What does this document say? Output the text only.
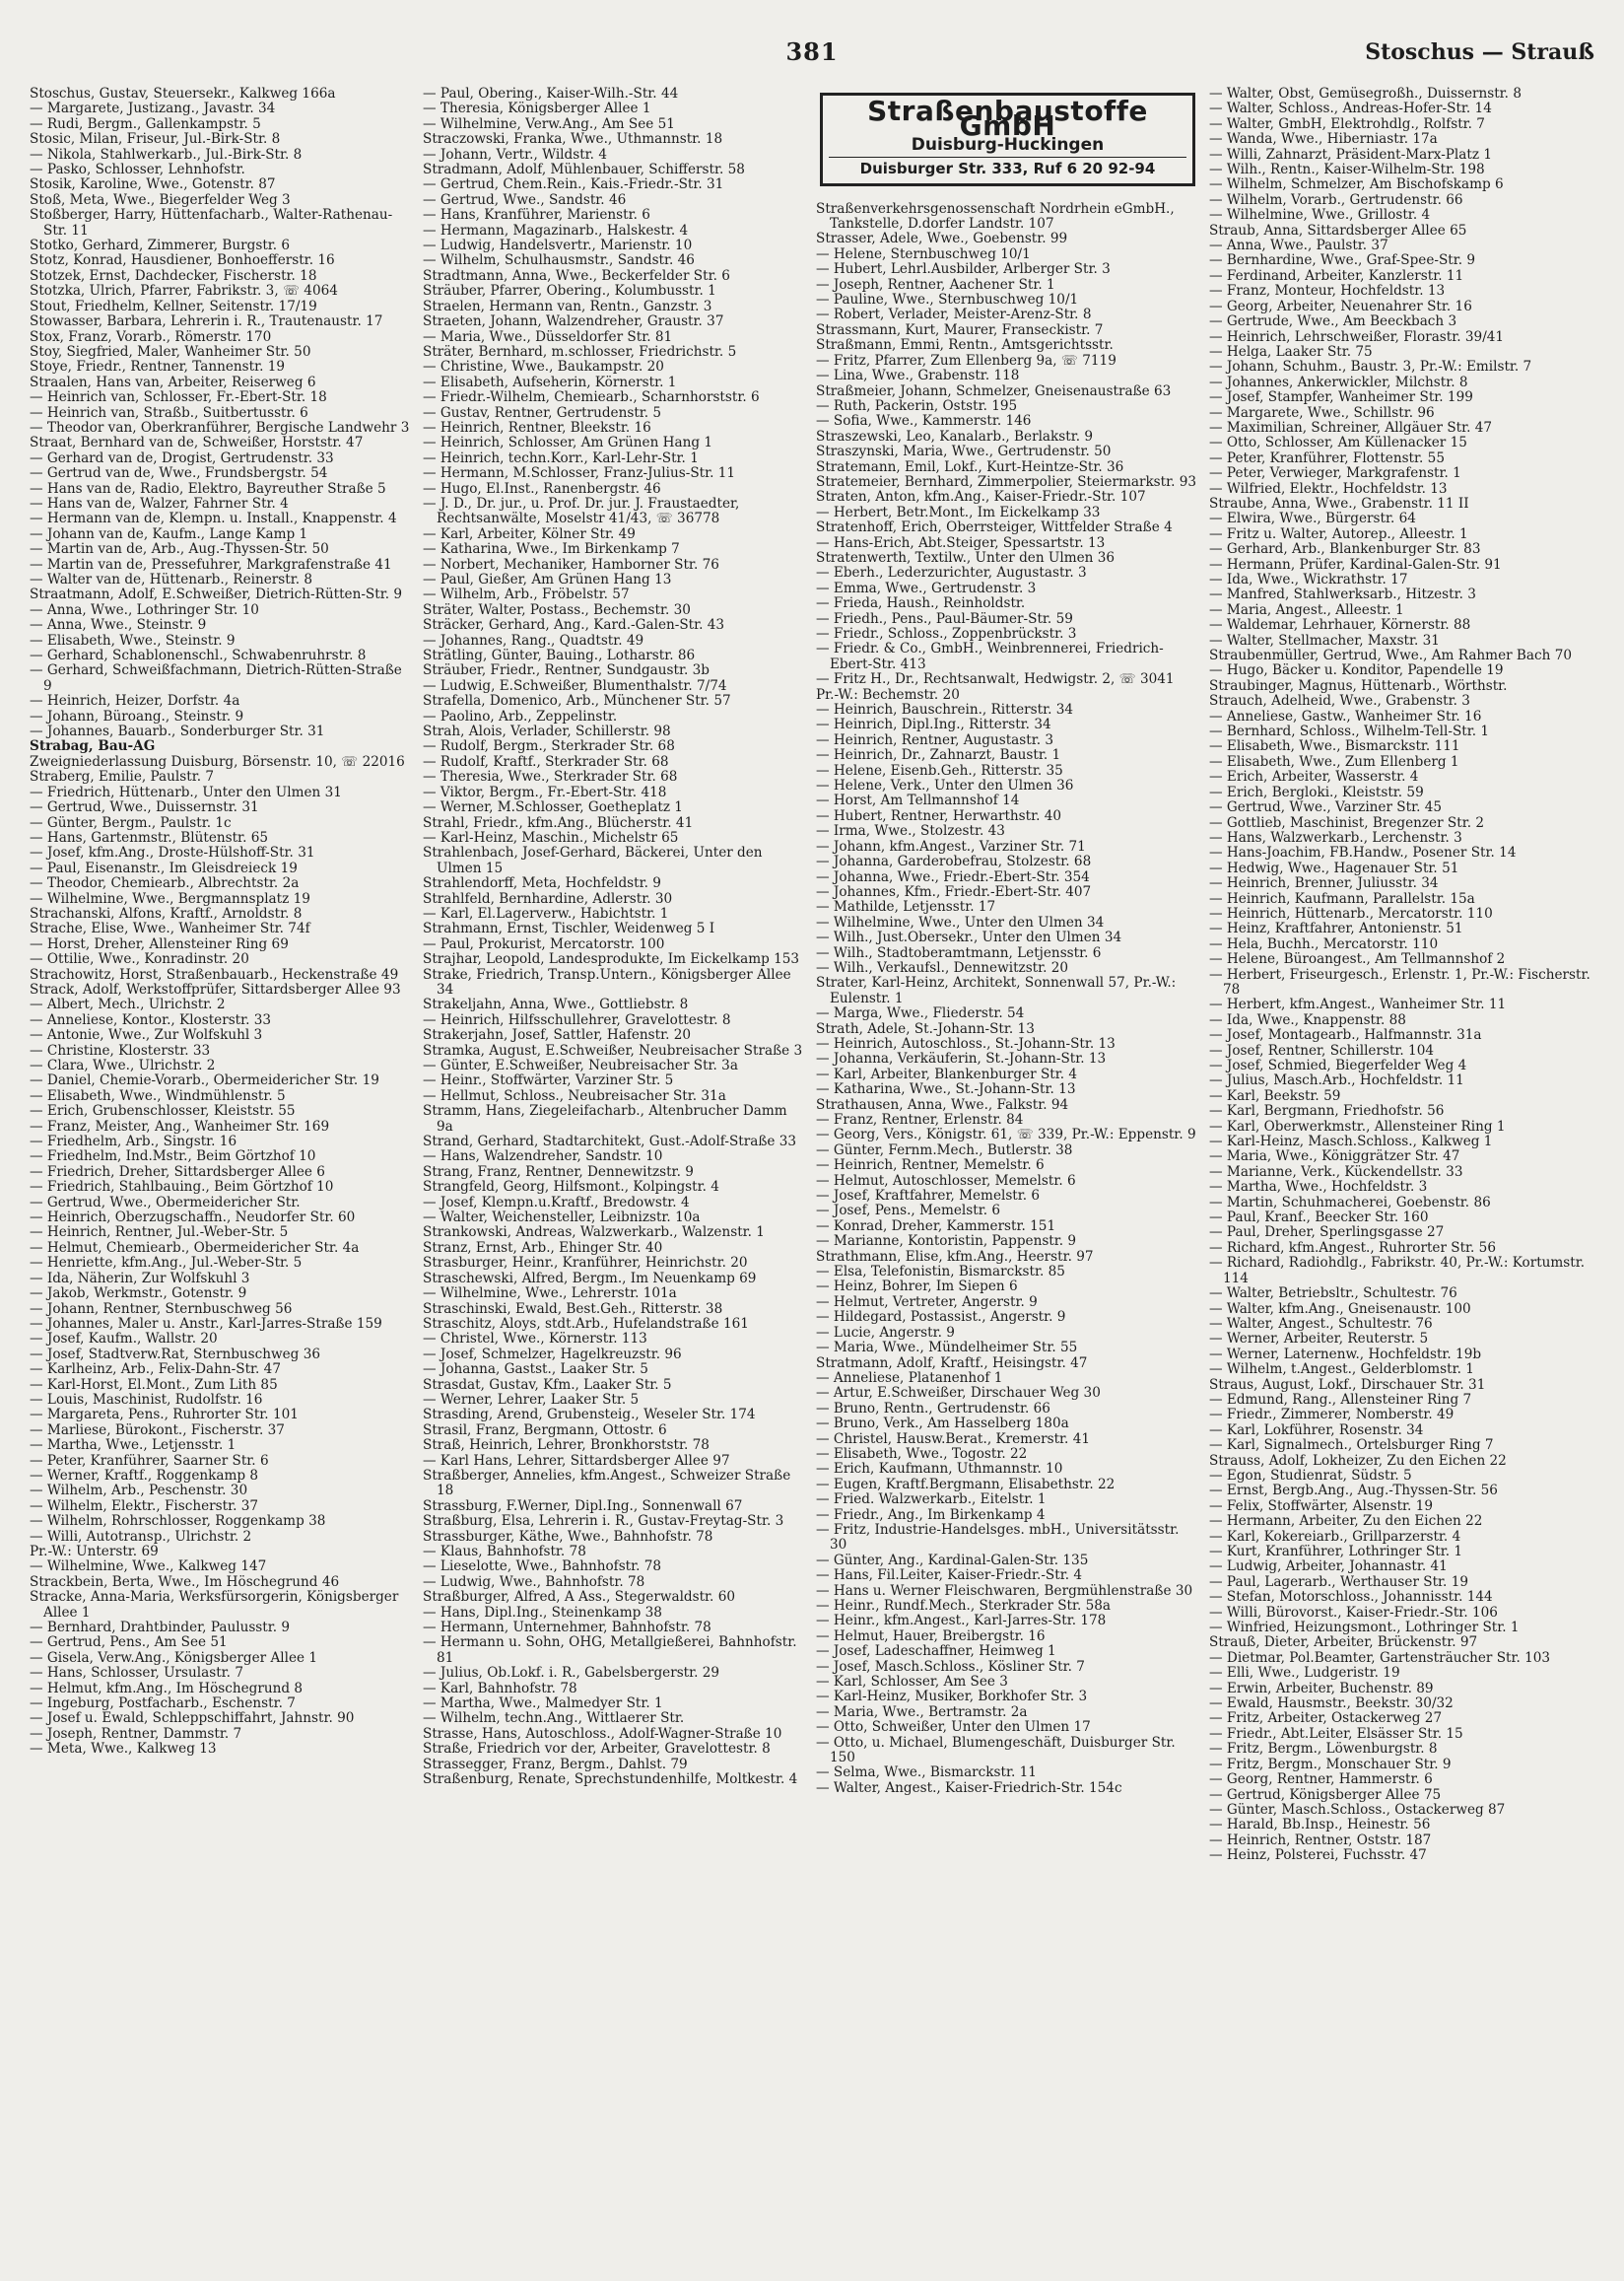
381	Stoschus — Strauß
Stoschus, Gustav, Steuersekr., Kalkweg 166a
— Margarete, Justizang., Javastr. 34
— Rudi, Bergm., Gallenkampstr. 5
Stosic, Milan, Friseur, Jul.-Birk-Str. 8
— Nikola, Stahlwerkarb., Jul.-Birk-Str. 8
— Pasko, Schlosser, Lehnhofstr.
Stosik, Karoline, Wwe., Gotenstr. 87
Stoß, Meta, Wwe., Biegerfelder Weg 3
Stoßberger, Harry, Hüttenfacharb., Walter-Rathenau-Str. 11
Stotko, Gerhard, Zimmerer, Burgstr. 6
Stotz, Konrad, Hausdiener, Bonhoefferstr. 16
Stotzek, Ernst, Dachdecker, Fischerstr. 18
Stotzka, Ulrich, Pfarrer, Fabrikstr. 3, ☏ 4064
Stout, Friedhelm, Kellner, Seitenstr. 17/19
Stowasser, Barbara, Lehrerin i. R., Trautenaustr. 17
Stox, Franz, Vorarb., Römerstr. 170
Stoy, Siegfried, Maler, Wanheimer Str. 50
Stoye, Friedr., Rentner, Tannenstr. 19
Straalen, Hans van, Arbeiter, Reiserweg 6
— Heinrich van, Schlosser, Fr.-Ebert-Str. 18
— Heinrich van, Straßb., Suitbertusstr. 6
— Theodor van, Oberkranführer, Bergische Landwehr 3
Straat, Bernhard van de, Schweißer, Horststr. 47
— Gerhard van de, Drogist, Gertrudenstr. 33
— Gertrud van de, Wwe., Frundsbergstr. 54
— Hans van de, Radio, Elektro, Bayreuther Straße 5
— Hans van de, Walzer, Fahrner Str. 4
— Hermann van de, Klempn. u. Install., Knappenstr. 4
— Johann van de, Kaufm., Lange Kamp 1
— Martin van de, Arb., Aug.-Thyssen-Str. 50
— Martin van de, Pressefuhrer, Markgrafenstraße 41
— Walter van de, Hüttenarb., Reinerstr. 8
Straatmann, Adolf, E.Schweißer, Dietrich-Rütten-Str. 9
— Anna, Wwe., Lothringer Str. 10
— Anna, Wwe., Steinstr. 9
— Elisabeth, Wwe., Steinstr. 9
— Gerhard, Schablonenschl., Schwabenruhrstr. 8
— Gerhard, Schweißfachmann, Dietrich-Rütten-Straße 9
— Heinrich, Heizer, Dorfstr. 4a
— Johann, Büroang., Steinstr. 9
— Johannes, Bauarb., Sonderburger Str. 31
Strabag, Bau-AG
Zweigniederlassung Duisburg, Börsenstr. 10, ☏ 22016
Straberg, Emilie, Paulstr. 7
— Friedrich, Hüttenarb., Unter den Ulmen 31
— Gertrud, Wwe., Duissernstr. 31
— Günter, Bergm., Paulstr. 1c
— Hans, Gartenmstr., Blütenstr. 65
— Josef, kfm.Ang., Droste-Hülshoff-Str. 31
— Paul, Eisenanstr., Im Gleisdreieck 19
— Theodor, Chemiearb., Albrechtstr. 2a
— Wilhelmine, Wwe., Bergmannsplatz 19
Strachanski, Alfons, Kraftf., Arnoldstr. 8
Strache, Elise, Wwe., Wanheimer Str. 74f
— Horst, Dreher, Allensteiner Ring 69
— Ottilie, Wwe., Konradinstr. 20
Strachowitz, Horst, Straßenbauarb., Heckenstraße 49
Strack, Adolf, Werkstoffprüfer, Sittardsberger Allee 93
— Albert, Mech., Ulrichstr. 2
— Anneliese, Kontor., Klosterstr. 33
— Antonie, Wwe., Zur Wolfskuhl 3
— Christine, Klosterstr. 33
— Clara, Wwe., Ulrichstr. 2
— Daniel, Chemie-Vorarb., Obermeidericher Str. 19
— Elisabeth, Wwe., Windmühlenstr. 5
— Erich, Grubenschlosser, Kleiststr. 55
— Franz, Meister, Ang., Wanheimer Str. 169
— Friedhelm, Arb., Singstr. 16
— Friedhelm, Ind.Mstr., Beim Görtzhof 10
— Friedrich, Dreher, Sittardsberger Allee 6
— Friedrich, Stahlbauing., Beim Görtzhof 10
— Gertrud, Wwe., Obermeidericher Str.
— Heinrich, Oberzugschaffn., Neudorfer Str. 60
— Heinrich, Rentner, Jul.-Weber-Str. 5
— Helmut, Chemiearb., Obermeidericher Str. 4a
— Henriette, kfm.Ang., Jul.-Weber-Str. 5
— Ida, Näherin, Zur Wolfskuhl 3
— Jakob, Werkmstr., Gotenstr. 9
— Johann, Rentner, Sternbuschweg 56
— Johannes, Maler u. Anstr., Karl-Jarres-Straße 159
— Josef, Kaufm., Wallstr. 20
— Josef, Stadtverw.Rat, Sternbuschweg 36
— Karlheinz, Arb., Felix-Dahn-Str. 47
— Karl-Horst, El.Mont., Zum Lith 85
— Louis, Maschinist, Rudolfstr. 16
— Margareta, Pens., Ruhrorter Str. 101
— Marliese, Bürokont., Fischerstr. 37
— Martha, Wwe., Letjensstr. 1
— Peter, Kranführer, Saarner Str. 6
— Werner, Kraftf., Roggenkamp 8
— Wilhelm, Arb., Peschenstr. 30
— Wilhelm, Elektr., Fischerstr. 37
— Wilhelm, Rohrschlosser, Roggenkamp 38
— Willi, Autotransp., Ulrichstr. 2
Pr.-W.: Unterstr. 69
— Wilhelmine, Wwe., Kalkweg 147
Strackbein, Berta, Wwe., Im Höschegrund 46
Stracke, Anna-Maria, Werksfürsorgerin, Königsberger Allee 1
— Bernhard, Drahtbinder, Paulusstr. 9
— Gertrud, Pens., Am See 51
— Gisela, Verw.Ang., Königsberger Allee 1
— Hans, Schlosser, Ursulastr. 7
— Helmut, kfm.Ang., Im Höschegrund 8
— Ingeburg, Postfacharb., Eschenstr. 7
— Josef u. Ewald, Schleppschiffahrt, Jahnstr. 90
— Joseph, Rentner, Dammstr. 7
— Meta, Wwe., Kalkweg 13
— Paul, Obering., Kaiser-Wilh.-Str. 44
— Theresia, Königsberger Allee 1
— Wilhelmine, Verw.Ang., Am See 51
Straczowski, Franka, Wwe., Uthmannstr. 18
— Johann, Vertr., Wildstr. 4
Stradmann, Adolf, Mühlenbauer, Schifferstr. 58
— Gertrud, Chem.Rein., Kais.-Friedr.-Str. 31
— Gertrud, Wwe., Sandstr. 46
— Hans, Kranführer, Marienstr. 6
— Hermann, Magazinarb., Halskestr. 4
— Ludwig, Handelsvertr., Marienstr. 10
— Wilhelm, Schulhausmstr., Sandstr. 46
Stradtmann, Anna, Wwe., Beckerfelder Str. 6
Sträuber, Pfarrer, Obering., Kolumbusstr. 1
Straelen, Hermann van, Rentn., Ganzstr. 3
Straeten, Johann, Walzendreher, Graustr. 37
— Maria, Wwe., Düsseldorfer Str. 81
Sträter, Bernhard, m.schlosser, Friedrichstr. 5
— Christine, Wwe., Baukampstr. 20
— Elisabeth, Aufseherin, Körnerstr. 1
— Friedr.-Wilhelm, Chemiearb., Scharnhorststr. 6
— Gustav, Rentner, Gertrudenstr. 5
— Heinrich, Rentner, Bleekstr. 16
— Heinrich, Schlosser, Am Grünen Hang 1
— Heinrich, techn.Korr., Karl-Lehr-Str. 1
— Hermann, M.Schlosser, Franz-Julius-Str. 11
— Hugo, El.Inst., Ranenbergstr. 46
— J. D., Dr. jur., u. Prof. Dr. jur. J. Fraustaedter, Rechtsanwälte, Moselstr 41/43, ☏ 36778
— Karl, Arbeiter, Kölner Str. 49
— Katharina, Wwe., Im Birkenkamp 7
— Norbert, Mechaniker, Hamborner Str. 76
— Paul, Gießer, Am Grünen Hang 13
— Wilhelm, Arb., Fröbelstr. 57
Sträter, Walter, Postass., Bechemstr. 30
Sträcker, Gerhard, Ang., Kard.-Galen-Str. 43
— Johannes, Rang., Quadtstr. 49
Strätling, Günter, Bauing., Lotharstr. 86
Sträuber, Friedr., Rentner, Sundgaustr. 3b
— Ludwig, E.Schweißer, Blumenthalstr. 7/74
Strafella, Domenico, Arb., Münchener Str. 57
— Paolino, Arb., Zeppelinstr.
Strah, Alois, Verlader, Schillerstr. 98
— Rudolf, Bergm., Sterkrader Str. 68
— Rudolf, Kraftf., Sterkrader Str. 68
— Theresia, Wwe., Sterkrader Str. 68
— Viktor, Bergm., Fr.-Ebert-Str. 418
— Werner, M.Schlosser, Goetheplatz 1
Strahl, Friedr., kfm.Ang., Blücherstr. 41
— Karl-Heinz, Maschin., Michelstr 65
Strahlenbach, Josef-Gerhard, Bäckerei, Unter den Ulmen 15
Strahlendorff, Meta, Hochfeldstr. 9
Strahlfeld, Bernhardine, Adlerstr. 30
— Karl, El.Lagerverw., Habichtstr. 1
Strahmann, Ernst, Tischler, Weidenweg 5 I
— Paul, Prokurist, Mercatorstr. 100
Strajhar, Leopold, Landesprodukte, Im Eickelkamp 153
Strake, Friedrich, Transp.Untern., Königsberger Allee 34
Strakeljahn, Anna, Wwe., Gottliebstr. 8
— Heinrich, Hilfsschullehrer, Gravelottestr. 8
Strakerjahn, Josef, Sattler, Hafenstr. 20
Stramka, August, E.Schweißer, Neubreisacher Straße 3
— Günter, E.Schweißer, Neubreisacher Str. 3a
— Heinr., Stoffwärter, Varziner Str. 5
— Hellmut, Schloss., Neubreisacher Str. 31a
Stramm, Hans, Ziegeleifacharb., Altenbrucher Damm 9a
Strand, Gerhard, Stadtarchitekt, Gust.-Adolf-Straße 33
— Hans, Walzendreher, Sandstr. 10
Strang, Franz, Rentner, Dennewitzstr. 9
Strangfeld, Georg, Hilfsmont., Kolpingstr. 4
— Josef, Klempn.u.Kraftf., Bredowstr. 4
— Walter, Weichensteller, Leibnizstr. 10a
Strankowski, Andreas, Walzwerkarb., Walzenstr. 1
Stranz, Ernst, Arb., Ehinger Str. 40
Strasburger, Heinr., Kranführer, Heinrichstr. 20
Straschewski, Alfred, Bergm., Im Neuenkamp 69
— Wilhelmine, Wwe., Lehrerstr. 101a
Straschinski, Ewald, Best.Geh., Ritterstr. 38
Straschitz, Aloys, stdt.Arb., Hufelandstraße 161
— Christel, Wwe., Körnerstr. 113
— Josef, Schmelzer, Hagelkreuzstr. 96
— Johanna, Gastst., Laaker Str. 5
Strasdat, Gustav, Kfm., Laaker Str. 5
— Werner, Lehrer, Laaker Str. 5
Strasding, Arend, Grubensteig., Weseler Str. 174
Strasil, Franz, Bergmann, Ottostr. 6
Straß, Heinrich, Lehrer, Bronkhorststr. 78
— Karl Hans, Lehrer, Sittardsberger Allee 97
Straßberger, Annelies, kfm.Angest., Schweizer Straße 18
Strassburg, F.Werner, Dipl.Ing., Sonnenwall 67
Straßburg, Elsa, Lehrerin i. R., Gustav-Freytag-Str. 3
Strassburger, Käthe, Wwe., Bahnhofstr. 78
— Klaus, Bahnhofstr. 78
— Lieselotte, Wwe., Bahnhofstr. 78
— Ludwig, Wwe., Bahnhofstr. 78
Straßburger, Alfred, A Ass., Stegerwaldstr. 60
— Hans, Dipl.Ing., Steinenkamp 38
— Hermann, Unternehmer, Bahnhofstr. 78
— Hermann u. Sohn, OHG, Metallgießerei, Bahnhofstr. 81
— Julius, Ob.Lokf. i. R., Gabelsbergerstr. 29
— Karl, Bahnhofstr. 78
— Martha, Wwe., Malmedyer Str. 1
— Wilhelm, techn.Ang., Wittlaerer Str.
Strasse, Hans, Autoschloss., Adolf-Wagner-Straße 10
Straße, Friedrich vor der, Arbeiter, Gravelottestr. 8
Strassegger, Franz, Bergm., Dahlst. 79
Straßenburg, Renate, Sprechstundenhilfe, Moltkestr. 4
Straßenbaustoffe GmbH
Duisburg-Huckingen
Duisburger Str. 333, Ruf 6 20 92-94
Straßenverkehrsgenossenschaft Nordrhein eGmbH., Tankstelle, D.dorfer Landstr. 107
Strasser, Adele, Wwe., Goebenstr. 99
— Helene, Sternbuschweg 10/1
— Hubert, Lehrl.Ausbilder, Arlberger Str. 3
— Joseph, Rentner, Aachener Str. 1
— Pauline, Wwe., Sternbuschweg 10/1
— Robert, Verlader, Meister-Arenz-Str. 8
Strassmann, Kurt, Maurer, Franseckistr. 7
Straßmann, Emmi, Rentn., Amtsgerichtsstr.
— Fritz, Pfarrer, Zum Ellenberg 9a, ☏ 7119
— Lina, Wwe., Grabenstr. 118
Straßmeier, Johann, Schmelzer, Gneisenaustraße 63
— Ruth, Packerin, Oststr. 195
— Sofia, Wwe., Kammerstr. 146
Straszewski, Leo, Kanalarb., Berlakstr. 9
Straszynski, Maria, Wwe., Gertrudenstr. 50
Stratemann, Emil, Lokf., Kurt-Heintze-Str. 36
Stratemeier, Bernhard, Zimmerpolier, Steiermarkstr. 93
Straten, Anton, kfm.Ang., Kaiser-Friedr.-Str. 107
— Herbert, Betr.Mont., Im Eickelkamp 33
Stratenhoff, Erich, Oberrsteiger, Wittfelder Straße 4
— Hans-Erich, Abt.Steiger, Spessartstr. 13
Stratenwerth, Textilw., Unter den Ulmen 36
— Eberh., Lederzurichter, Augustastr. 3
— Emma, Wwe., Gertrudenstr. 3
— Frieda, Haush., Reinholdstr.
— Friedh., Pens., Paul-Bäumer-Str. 59
— Friedr., Schloss., Zoppenbrückstr. 3
— Friedr. & Co., GmbH., Weinbrennerei, Friedrich-Ebert-Str. 413
— Fritz H., Dr., Rechtsanwalt, Hedwigstr. 2, ☏ 3041
Pr.-W.: Bechemstr. 20
— Heinrich, Bauschrein., Ritterstr. 34
— Heinrich, Dipl.Ing., Ritterstr. 34
— Heinrich, Rentner, Augustastr. 3
— Heinrich, Dr., Zahnarzt, Baustr. 1
— Helene, Eisenb.Geh., Ritterstr. 35
— Helene, Verk., Unter den Ulmen 36
— Horst, Am Tellmannshof 14
— Hubert, Rentner, Herwarthstr. 40
— Irma, Wwe., Stolzestr. 43
— Johann, kfm.Angest., Varziner Str. 71
— Johanna, Garderobefrau, Stolzestr. 68
— Johanna, Wwe., Friedr.-Ebert-Str. 354
— Johannes, Kfm., Friedr.-Ebert-Str. 407
— Mathilde, Letjensstr. 17
— Wilhelmine, Wwe., Unter den Ulmen 34
— Wilh., Just.Obersekr., Unter den Ulmen 34
— Wilh., Stadtoberamtmann, Letjensstr. 6
— Wilh., Verkaufsl., Dennewitzstr. 20
Strater, Karl-Heinz, Architekt, Sonnenwall 57, Pr.-W.: Eulenstr. 1
— Marga, Wwe., Fliederstr. 54
Strath, Adele, St.-Johann-Str. 13
— Heinrich, Autoschloss., St.-Johann-Str. 13
— Johanna, Verkäuferin, St.-Johann-Str. 13
— Karl, Arbeiter, Blankenburger Str. 4
— Katharina, Wwe., St.-Johann-Str. 13
Strathausen, Anna, Wwe., Falkstr. 94
— Franz, Rentner, Erlenstr. 84
— Georg, Vers., Königstr. 61, ☏ 339, Pr.-W.: Eppenstr. 9
— Günter, Fernm.Mech., Butlerstr. 38
— Heinrich, Rentner, Memelstr. 6
— Helmut, Autoschlosser, Memelstr. 6
— Josef, Kraftfahrer, Memelstr. 6
— Josef, Pens., Memelstr. 6
— Konrad, Dreher, Kammerstr. 151
— Marianne, Kontoristin, Pappenstr. 9
Strathmann, Elise, kfm.Ang., Heerstr. 97
— Elsa, Telefonistin, Bismarckstr. 85
— Heinz, Bohrer, Im Siepen 6
— Helmut, Vertreter, Angerstr. 9
— Hildegard, Postassist., Angerstr. 9
— Lucie, Angerstr. 9
— Maria, Wwe., Mündelheimer Str. 55
Stratmann, Adolf, Kraftf., Heisingstr. 47
— Anneliese, Platanenhof 1
— Artur, E.Schweißer, Dirschauer Weg 30
— Bruno, Rentn., Gertrudenstr. 66
— Bruno, Verk., Am Hasselberg 180a
— Christel, Hausw.Berat., Kremerstr. 41
— Elisabeth, Wwe., Togostr. 22
— Erich, Kaufmann, Uthmannstr. 10
— Eugen, Kraftf.Bergmann, Elisabethstr. 22
— Fried. Walzwerkarb., Eitelstr. 1
— Friedr., Ang., Im Birkenkamp 4
— Fritz, Industrie-Handelsges. mbH., Universitätsstr. 30
— Günter, Ang., Kardinal-Galen-Str. 135
— Hans, Fil.Leiter, Kaiser-Friedr.-Str. 4
— Hans u. Werner Fleischwaren, Bergmühlenstraße 30
— Heinr., Rundf.Mech., Sterkrader Str. 58a
— Heinr., kfm.Angest., Karl-Jarres-Str. 178
— Helmut, Hauer, Breibergstr. 16
— Josef, Ladeschaffner, Heimweg 1
— Josef, Masch.Schloss., Kösliner Str. 7
— Karl, Schlosser, Am See 3
— Karl-Heinz, Musiker, Borkhofer Str. 3
— Maria, Wwe., Bertramstr. 2a
— Otto, Schweißer, Unter den Ulmen 17
— Otto, u. Michael, Blumengeschäft, Duisburger Str. 150
— Selma, Wwe., Bismarckstr. 11
— Walter, Angest., Kaiser-Friedrich-Str. 154c
— Walter, Obst, Gemüsegroßh., Duissernstr. 8
— Walter, Schloss., Andreas-Hofer-Str. 14
— Walter, GmbH, Elektrohdlg., Rolfstr. 7
— Wanda, Wwe., Hiberniastr. 17a
— Willi, Zahnarzt, Präsident-Marx-Platz 1
— Wilh., Rentn., Kaiser-Wilhelm-Str. 198
— Wilhelm, Schmelzer, Am Bischofskamp 6
— Wilhelm, Vorarb., Gertrudenstr. 66
— Wilhelmine, Wwe., Grillostr. 4
Straub, Anna, Sittardsberger Allee 65
— Anna, Wwe., Paulstr. 37
— Bernhardine, Wwe., Graf-Spee-Str. 9
— Ferdinand, Arbeiter, Kanzlerstr. 11
— Franz, Monteur, Hochfeldstr. 13
— Georg, Arbeiter, Neuenahrer Str. 16
— Gertrude, Wwe., Am Beeckbach 3
— Heinrich, Lehrschweißer, Florastr. 39/41
— Helga, Laaker Str. 75
— Johann, Schuhm., Baustr. 3, Pr.-W.: Emilstr. 7
— Johannes, Ankerwickler, Milchstr. 8
— Josef, Stampfer, Wanheimer Str. 199
— Margarete, Wwe., Schillstr. 96
— Maximilian, Schreiner, Allgäuer Str. 47
— Otto, Schlosser, Am Küllenacker 15
— Peter, Kranführer, Flottenstr. 55
— Peter, Verwieger, Markgrafenstr. 1
— Wilfried, Elektr., Hochfeldstr. 13
Straube, Anna, Wwe., Grabenstr. 11 II
— Elwira, Wwe., Bürgerstr. 64
— Fritz u. Walter, Autorep., Alleestr. 1
— Gerhard, Arb., Blankenburger Str. 83
— Hermann, Prüfer, Kardinal-Galen-Str. 91
— Ida, Wwe., Wickrathstr. 17
— Manfred, Stahlwerksarb., Hitzestr. 3
— Maria, Angest., Alleestr. 1
— Waldemar, Lehrhauer, Körnerstr. 88
— Walter, Stellmacher, Maxstr. 31
Straubenmüller, Gertrud, Wwe., Am Rahmer Bach 70
— Hugo, Bäcker u. Konditor, Papendelle 19
Straubinger, Magnus, Hüttenarb., Wörthstr.
Strauch, Adelheid, Wwe., Grabenstr. 3
— Anneliese, Gastw., Wanheimer Str. 16
— Bernhard, Schloss., Wilhelm-Tell-Str. 1
— Elisabeth, Wwe., Bismarckstr. 111
— Elisabeth, Wwe., Zum Ellenberg 1
— Erich, Arbeiter, Wasserstr. 4
— Erich, Bergloki., Kleiststr. 59
— Gertrud, Wwe., Varziner Str. 45
— Gottlieb, Maschinist, Bregenzer Str. 2
— Hans, Walzwerkarb., Lerchenstr. 3
— Hans-Joachim, FB.Handw., Posener Str. 14
— Hedwig, Wwe., Hagenauer Str. 51
— Heinrich, Brenner, Juliusstr. 34
— Heinrich, Kaufmann, Parallelstr. 15a
— Heinrich, Hüttenarb., Mercatorstr. 110
— Heinz, Kraftfahrer, Antonienstr. 51
— Hela, Buchh., Mercatorstr. 110
— Helene, Büroangest., Am Tellmannshof 2
— Herbert, Friseurgesch., Erlenstr. 1, Pr.-W.: Fischerstr. 78
— Herbert, kfm.Angest., Wanheimer Str. 11
— Ida, Wwe., Knappenstr. 88
— Josef, Montagearb., Halfmannstr. 31a
— Josef, Rentner, Schillerstr. 104
— Josef, Schmied, Biegerfelder Weg 4
— Julius, Masch.Arb., Hochfeldstr. 11
— Karl, Beekstr. 59
— Karl, Bergmann, Friedhofstr. 56
— Karl, Oberwerkmstr., Allensteiner Ring 1
— Karl-Heinz, Masch.Schloss., Kalkweg 1
— Maria, Wwe., Königgrätzer Str. 47
— Marianne, Verk., Kückendellstr. 33
— Martha, Wwe., Hochfeldstr. 3
— Martin, Schuhmacherei, Goebenstr. 86
— Paul, Kranf., Beecker Str. 160
— Paul, Dreher, Sperlingsgasse 27
— Richard, kfm.Angest., Ruhrorter Str. 56
— Richard, Radiohdlg., Fabrikstr. 40, Pr.-W.: Kortumstr. 114
— Walter, Betriebsltr., Schultestr. 76
— Walter, kfm.Ang., Gneisenaustr. 100
— Walter, Angest., Schultestr. 76
— Werner, Arbeiter, Reuterstr. 5
— Werner, Laternenw., Hochfeldstr. 19b
— Wilhelm, t.Angest., Gelderblomstr. 1
Straus, August, Lokf., Dirschauer Str. 31
— Edmund, Rang., Allensteiner Ring 7
— Friedr., Zimmerer, Nomberstr. 49
— Karl, Lokführer, Rosenstr. 34
— Karl, Signalmech., Ortelsburger Ring 7
Strauss, Adolf, Lokheizer, Zu den Eichen 22
— Egon, Studienrat, Südstr. 5
— Ernst, Bergb.Ang., Aug.-Thyssen-Str. 56
— Felix, Stoffwärter, Alsenstr. 19
— Hermann, Arbeiter, Zu den Eichen 22
— Karl, Kokereiarb., Grillparzerstr. 4
— Kurt, Kranführer, Lothringer Str. 1
— Ludwig, Arbeiter, Johannastr. 41
— Paul, Lagerarb., Werthauser Str. 19
— Stefan, Motorschloss., Johannisstr. 144
— Willi, Bürovorst., Kaiser-Friedr.-Str. 106
— Winfried, Heizungsmont., Lothringer Str. 1
Strauß, Dieter, Arbeiter, Brückenstr. 97
— Dietmar, Pol.Beamter, Gartensträucher Str. 103
— Elli, Wwe., Ludgeristr. 19
— Erwin, Arbeiter, Buchenstr. 89
— Ewald, Hausmstr., Beekstr. 30/32
— Fritz, Arbeiter, Ostackerweg 27
— Friedr., Abt.Leiter, Elsässer Str. 15
— Fritz, Bergm., Löwenburgstr. 8
— Fritz, Bergm., Monschauer Str. 9
— Georg, Rentner, Hammerstr. 6
— Gertrud, Königsberger Allee 75
— Günter, Masch.Schloss., Ostackerweg 87
— Harald, Bb.Insp., Heinestr. 56
— Heinrich, Rentner, Oststr. 187
— Heinz, Polsterei, Fuchsstr. 47
